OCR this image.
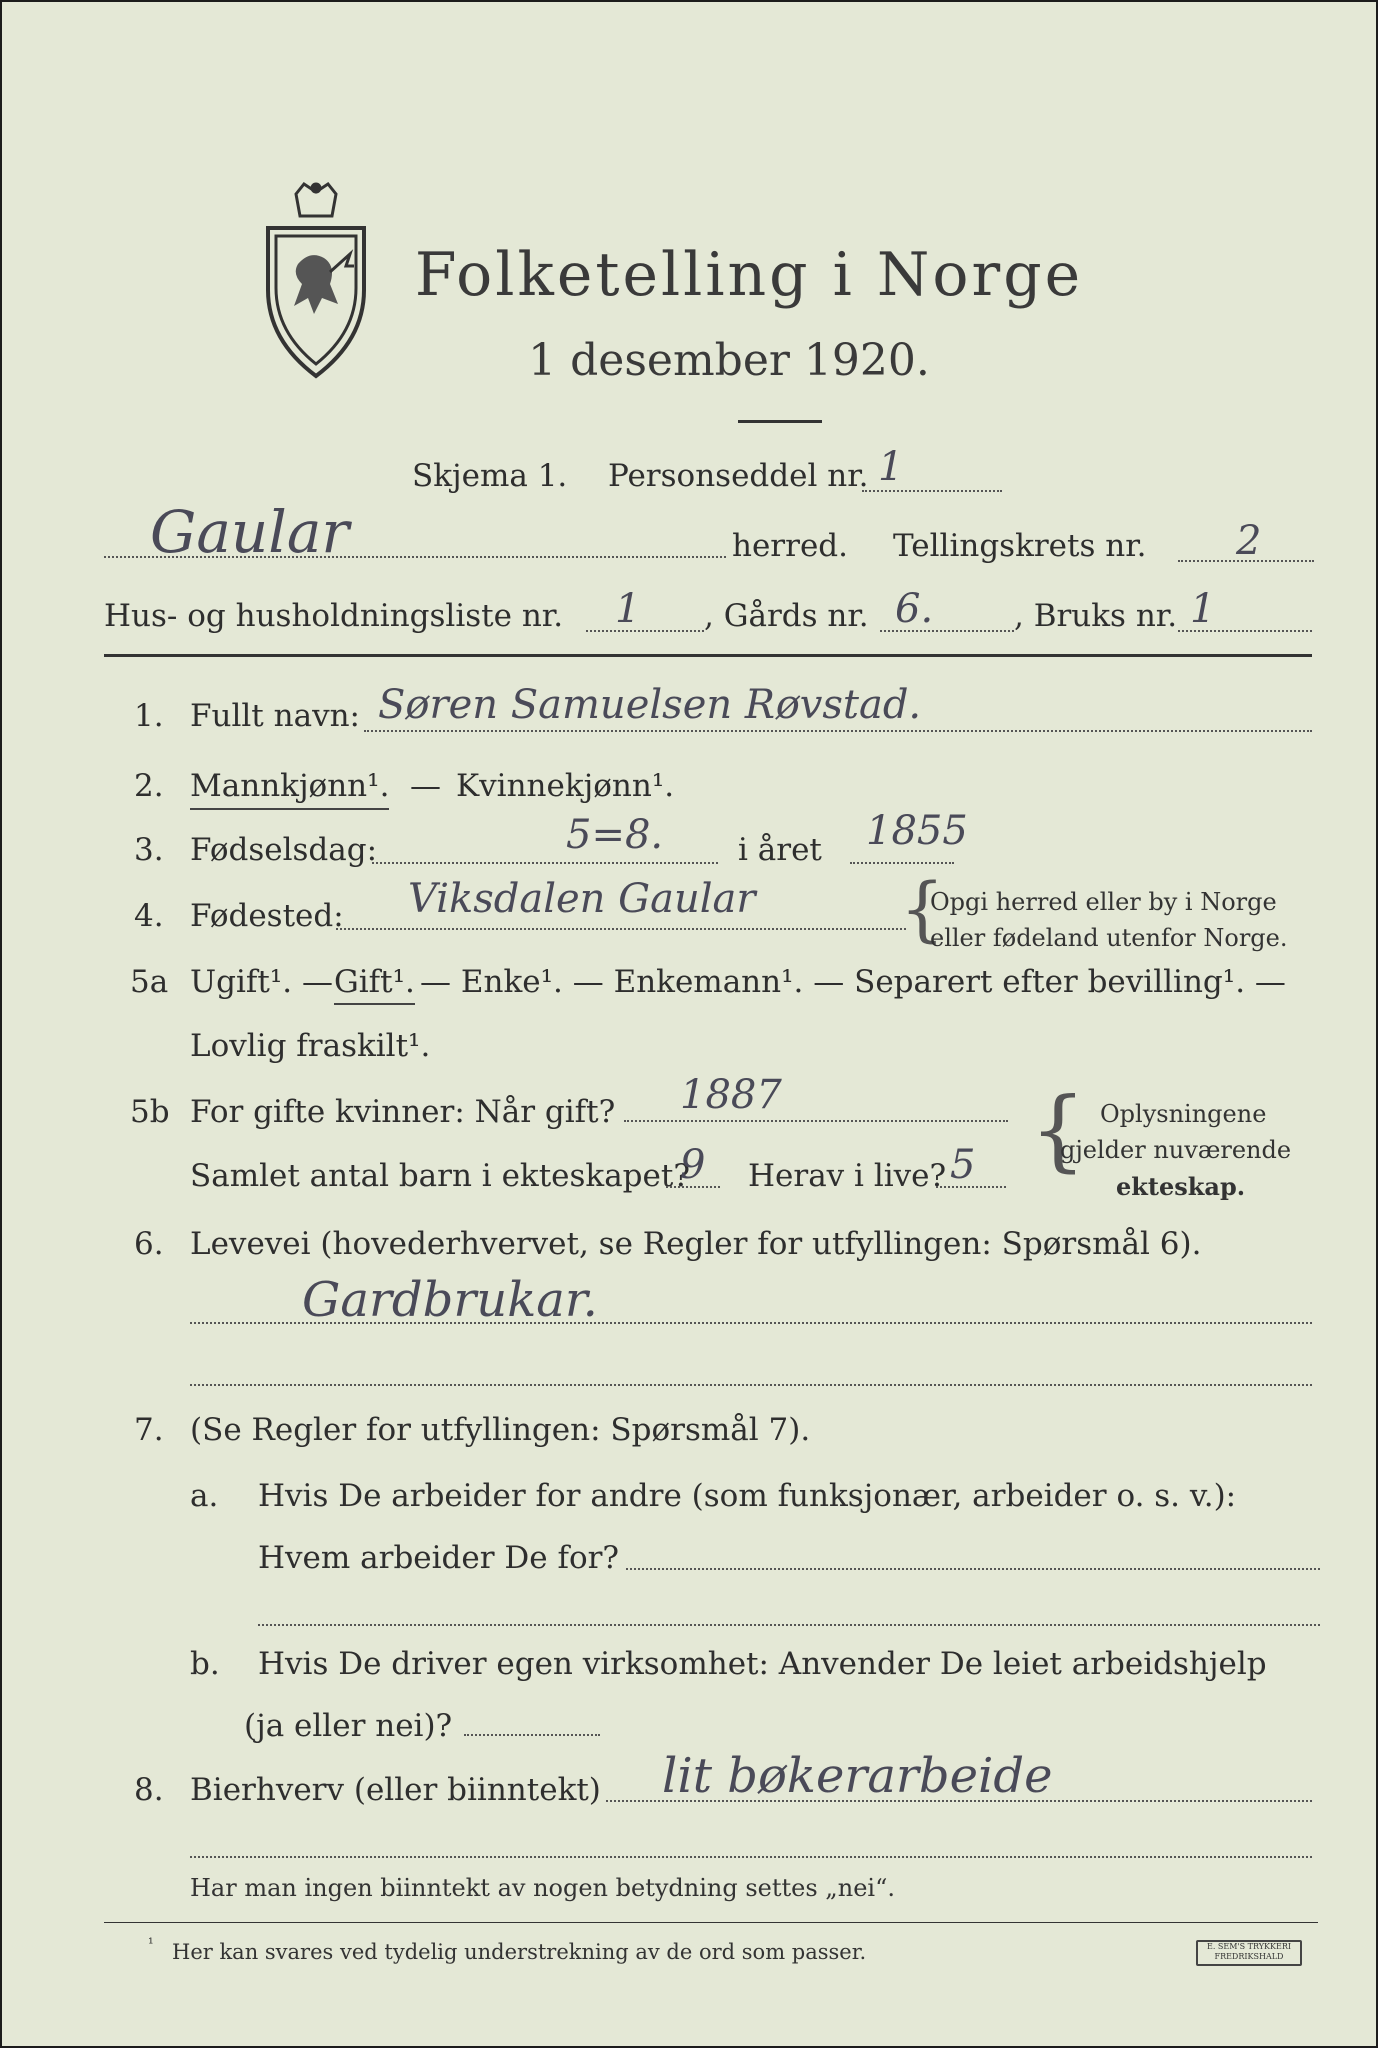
Folketelling i Norge
1 desember 1920.
Skjema 1. Personseddel nr. 1
Gaular	herred. Tellingskrets nr. 2
Hus- og husholdningsliste nr. 1 , Gårds nr. 6.	, Bruks nr. 1
1. Fullt navn: Søren Samuelsen Røvstad.
2. Mannkjønn¹. — Kvinnekjønn¹.
3. Fødselsdag:	5=8. i året 1855
4. Fødested: Viksdalen Gaular {
Opgi herred eller by i Norge
eller fødeland utenfor Norge.
5a Ugift¹. — Gift¹. — Enke¹. — Enkemann¹. — Separert efter bevilling¹. —
Lovlig fraskilt¹.
5b For gifte kvinner: Når gift? 1887
Samlet antal barn i ekteskapet?
9 Herav i live? 5 { Oplysningene
gjelder nuværende
ekteskap.
6. Levevei (hovederhvervet, se Regler for utfyllingen: Spørsmål 6).
Gardbrukar.
7. (Se Regler for utfyllingen: Spørsmål 7).
a. Hvis De arbeider for andre (som funksjonær, arbeider o. s. v.):
Hvem arbeider De for?
b. Hvis De driver egen virksomhet: Anvender De leiet arbeidshjelp
(ja eller nei)?
8. Bierhverv (eller biinntekt) lit bøkerarbeide
Har man ingen biinntekt av nogen betydning settes „nei“.
¹ Her kan svares ved tydelig understrekning av de ord som passer.	E. SEM'S TRYKKERI FREDRIKSHALD
